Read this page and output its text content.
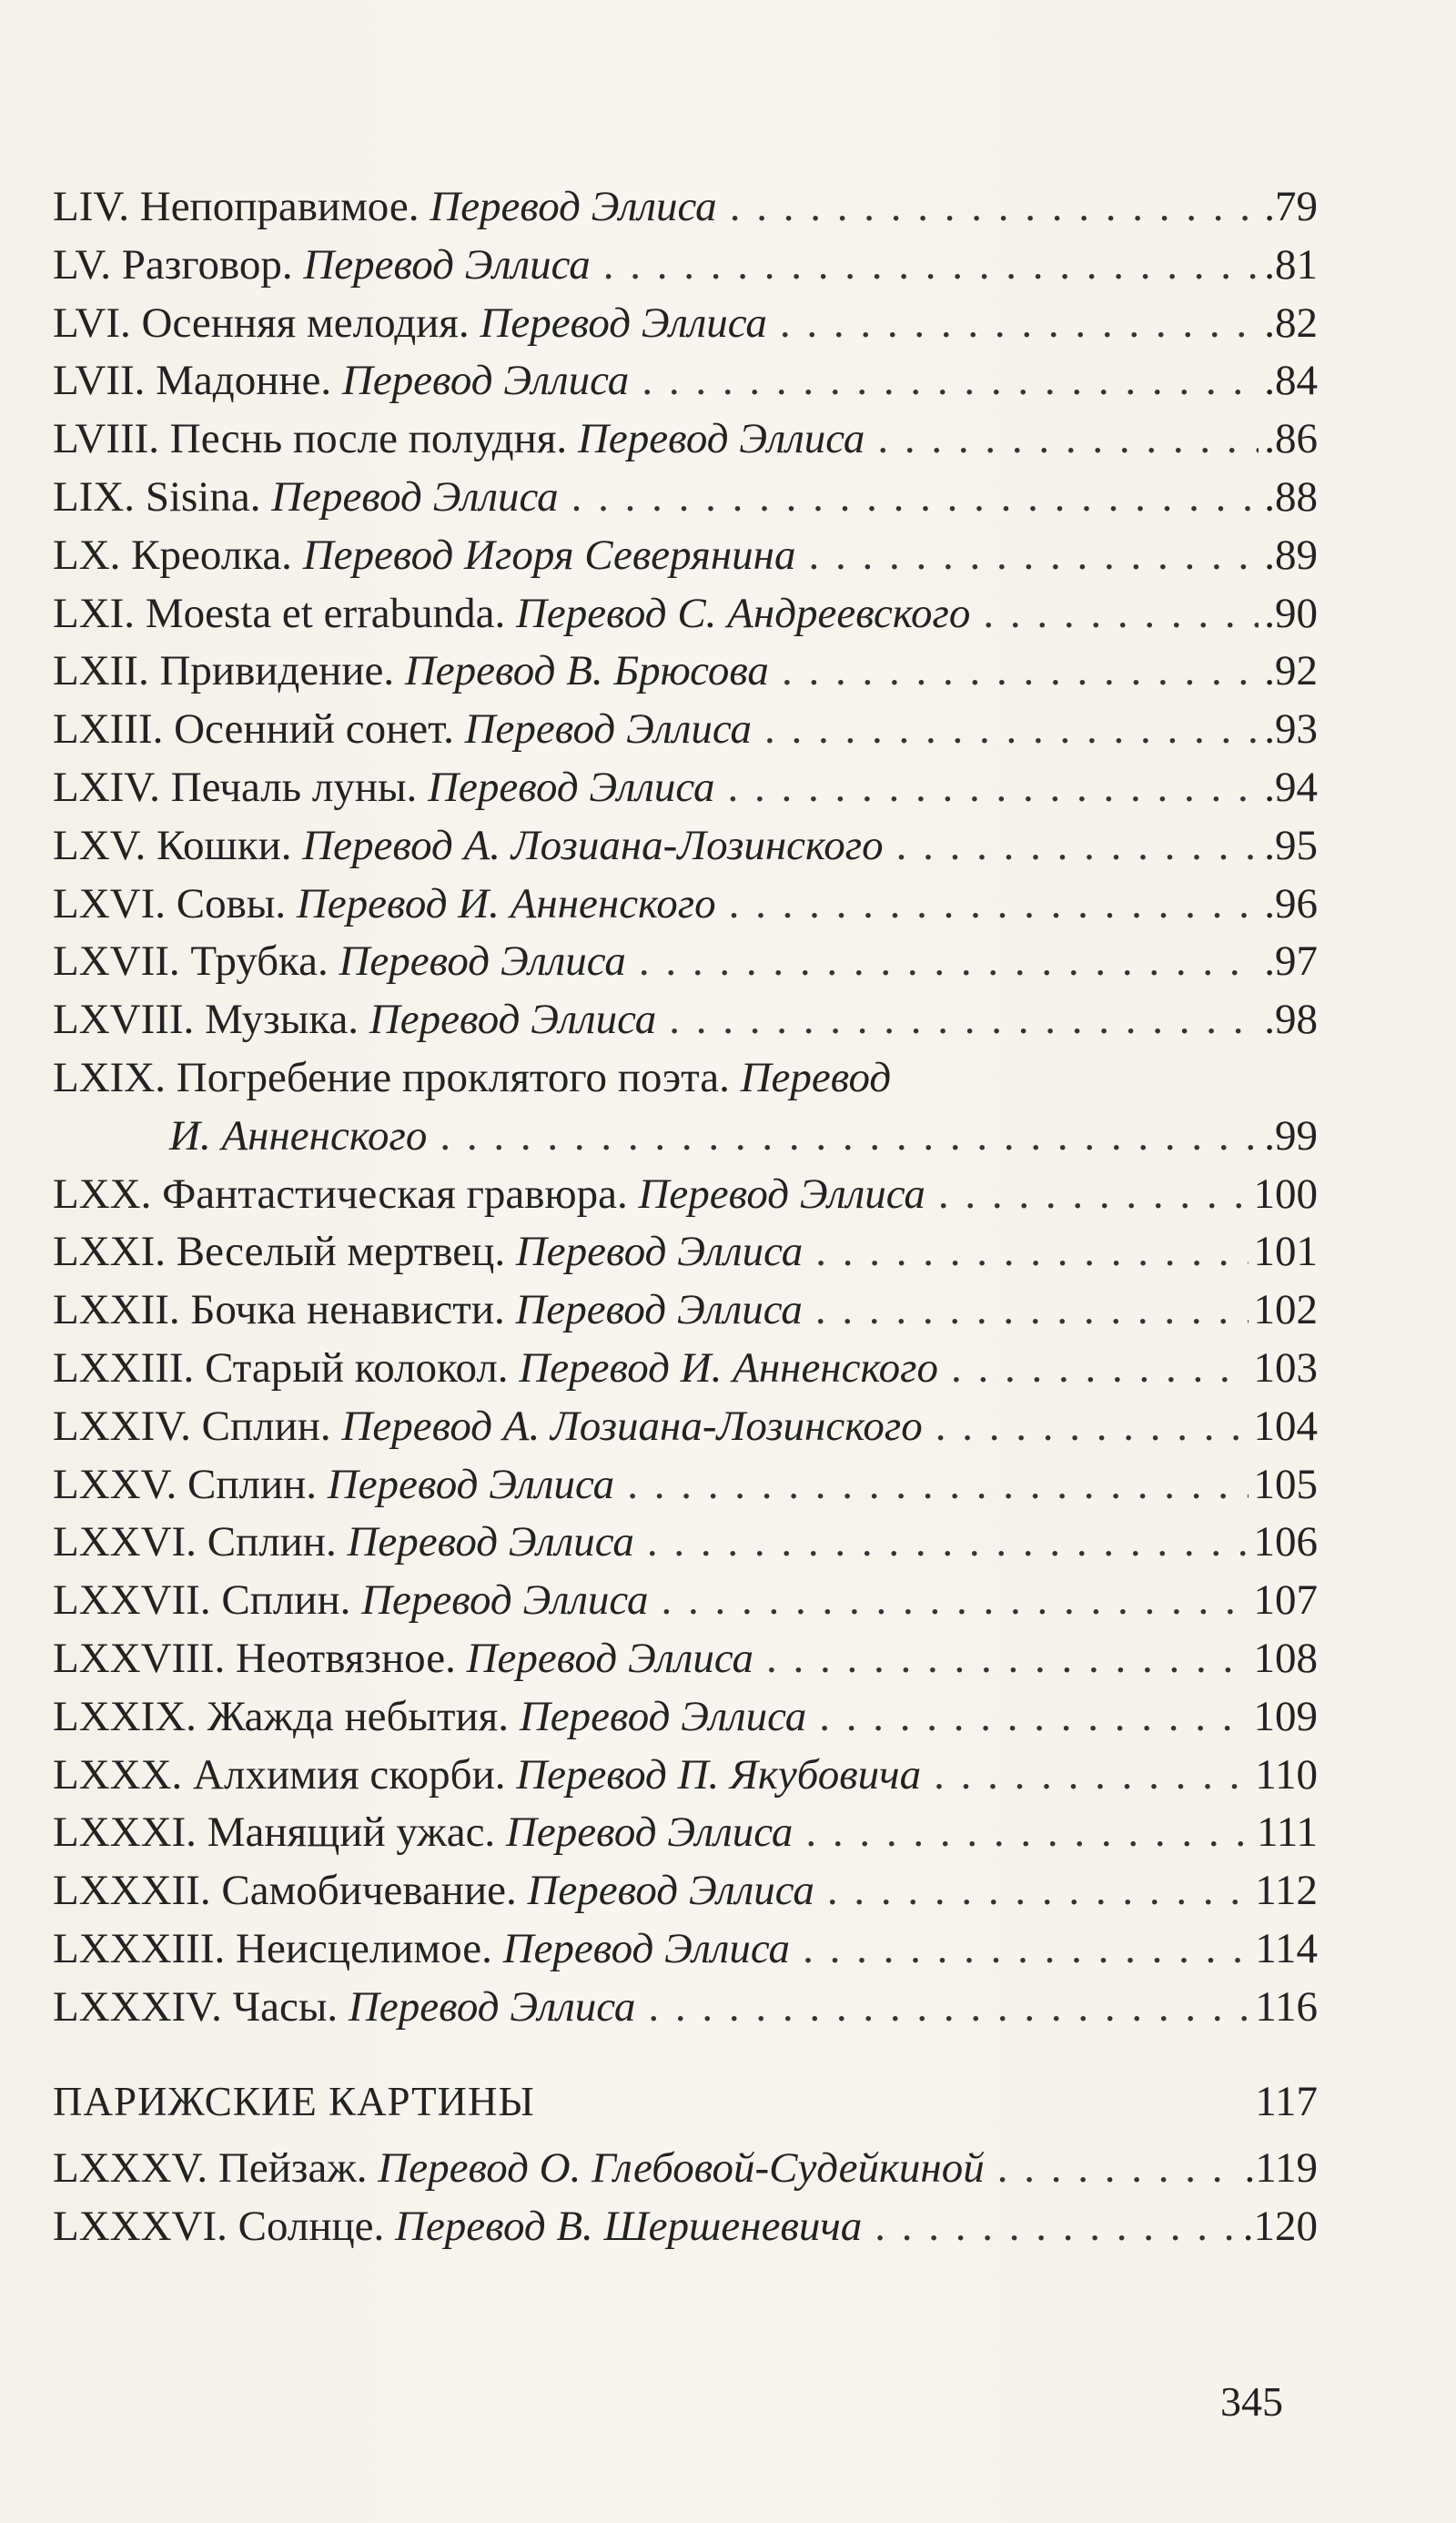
LIV. Непоправимое. Перевод Эллиса . . .	.79
LV. Разговор. Перевод Эллиса . . .	.81
LVI. Осенняя мелодия. Перевод Эллиса . . .	.82
LVII. Мадонне. Перевод Эллиса . . .	.84
LVIII. Песнь после полудня. Перевод Эллиса . . .	.86
LIX. Sisina. Перевод Эллиса . . .	.88
LX. Креолка. Перевод Игоря Северянина . . .	.89
LXI. Moesta et errabunda. Перевод С. Андреевского . . .	.90
LXII. Привидение. Перевод В. Брюсова . . .	.92
LXIII. Осенний сонет. Перевод Эллиса . . .	.93
LXIV. Печаль луны. Перевод Эллиса . . .	.94
LXV. Кошки. Перевод А. Лозиана-Лозинского . . .	.95
LXVI. Совы. Перевод И. Анненского . . .	.96
LXVII. Трубка. Перевод Эллиса . . .	.97
LXVIII. Музыка. Перевод Эллиса . . .	.98
LXIX. Погребение проклятого поэта. Перевод
И. Анненского . . .	.99
LXX. Фантастическая гравюра. Перевод Эллиса . . .	100
LXXI. Веселый мертвец. Перевод Эллиса . . .	101
LXXII. Бочка ненависти. Перевод Эллиса . . .	102
LXXIII. Старый колокол. Перевод И. Анненского . . .	103
LXXIV. Сплин. Перевод А. Лозиана-Лозинского . . .	104
LXXV. Сплин. Перевод Эллиса . . .	105
LXXVI. Сплин. Перевод Эллиса . . .	106
LXXVII. Сплин. Перевод Эллиса . . .	107
LXXVIII. Неотвязное. Перевод Эллиса . . .	108
LXXIX. Жажда небытия. Перевод Эллиса . . .	109
LXXX. Алхимия скорби. Перевод П. Якубовича . . .	110
LXXXI. Манящий ужас. Перевод Эллиса . . .	111
LXXXII. Самобичевание. Перевод Эллиса . . .	112
LXXXIII. Неисцелимое. Перевод Эллиса . . .	114
LXXXIV. Часы. Перевод Эллиса . . .	116
ПАРИЖСКИЕ КАРТИНЫ	117
LXXXV. Пейзаж. Перевод О. Глебовой-Судейкиной . . .	.119
LXXXVI. Солнце. Перевод В. Шершеневича . . .	.120
345
